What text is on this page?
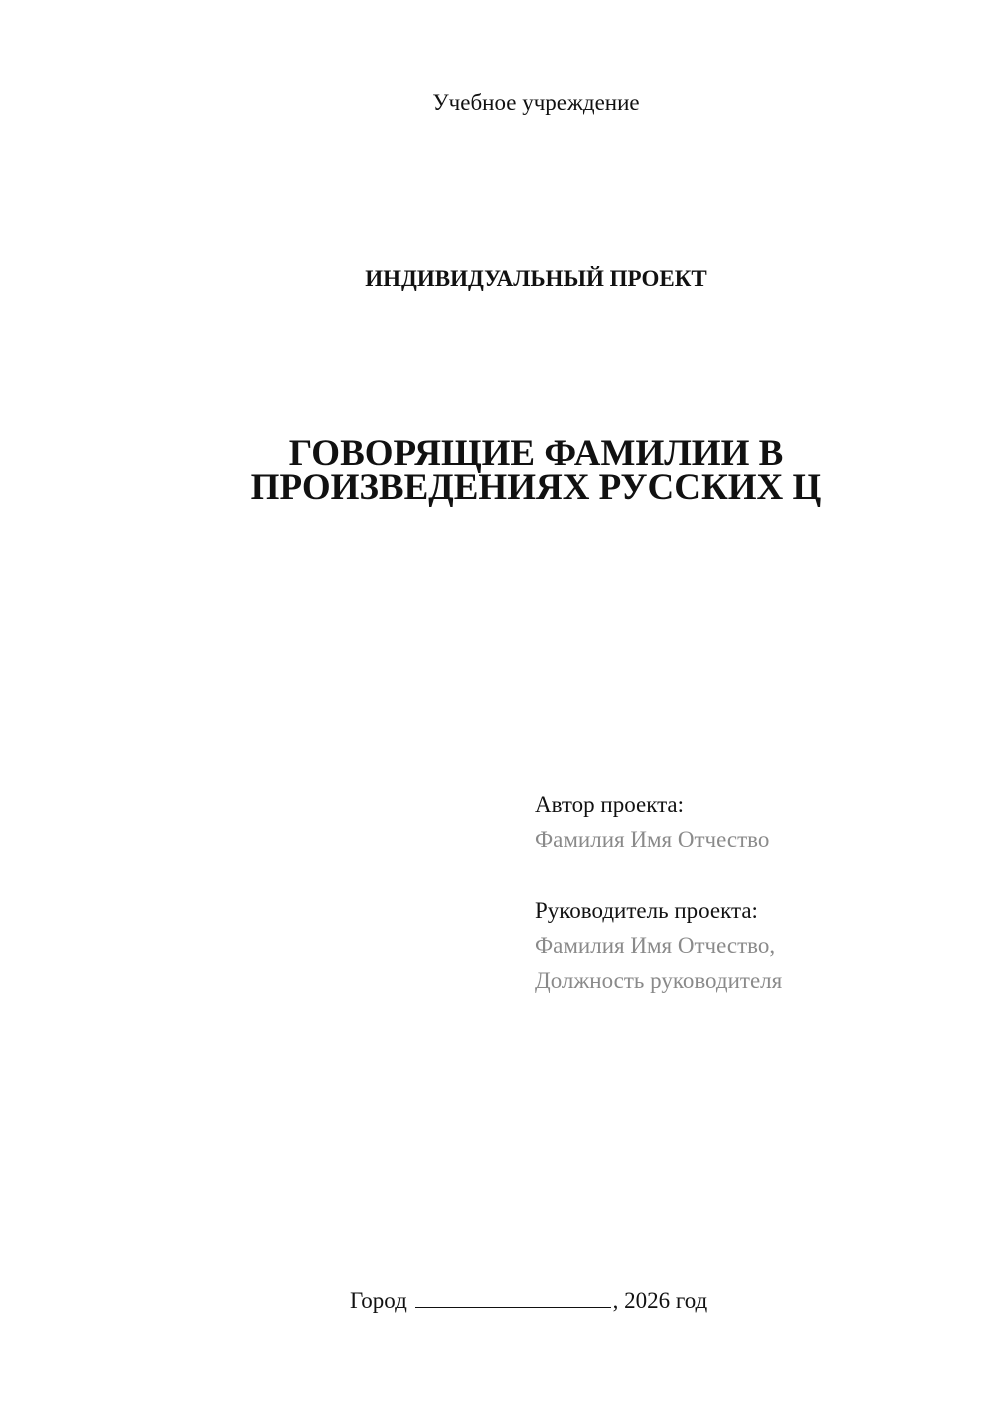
Учебное учреждение
ИНДИВИДУАЛЬНЫЙ ПРОЕКТ
ГОВОРЯЩИЕ ФАМИЛИИ В
ПРОИЗВЕДЕНИЯХ РУССКИХ Ц
Автор проекта:
Фамилия Имя Отчество
Руководитель проекта:
Фамилия Имя Отчество,
Должность руководителя
Город	, 2026 год
